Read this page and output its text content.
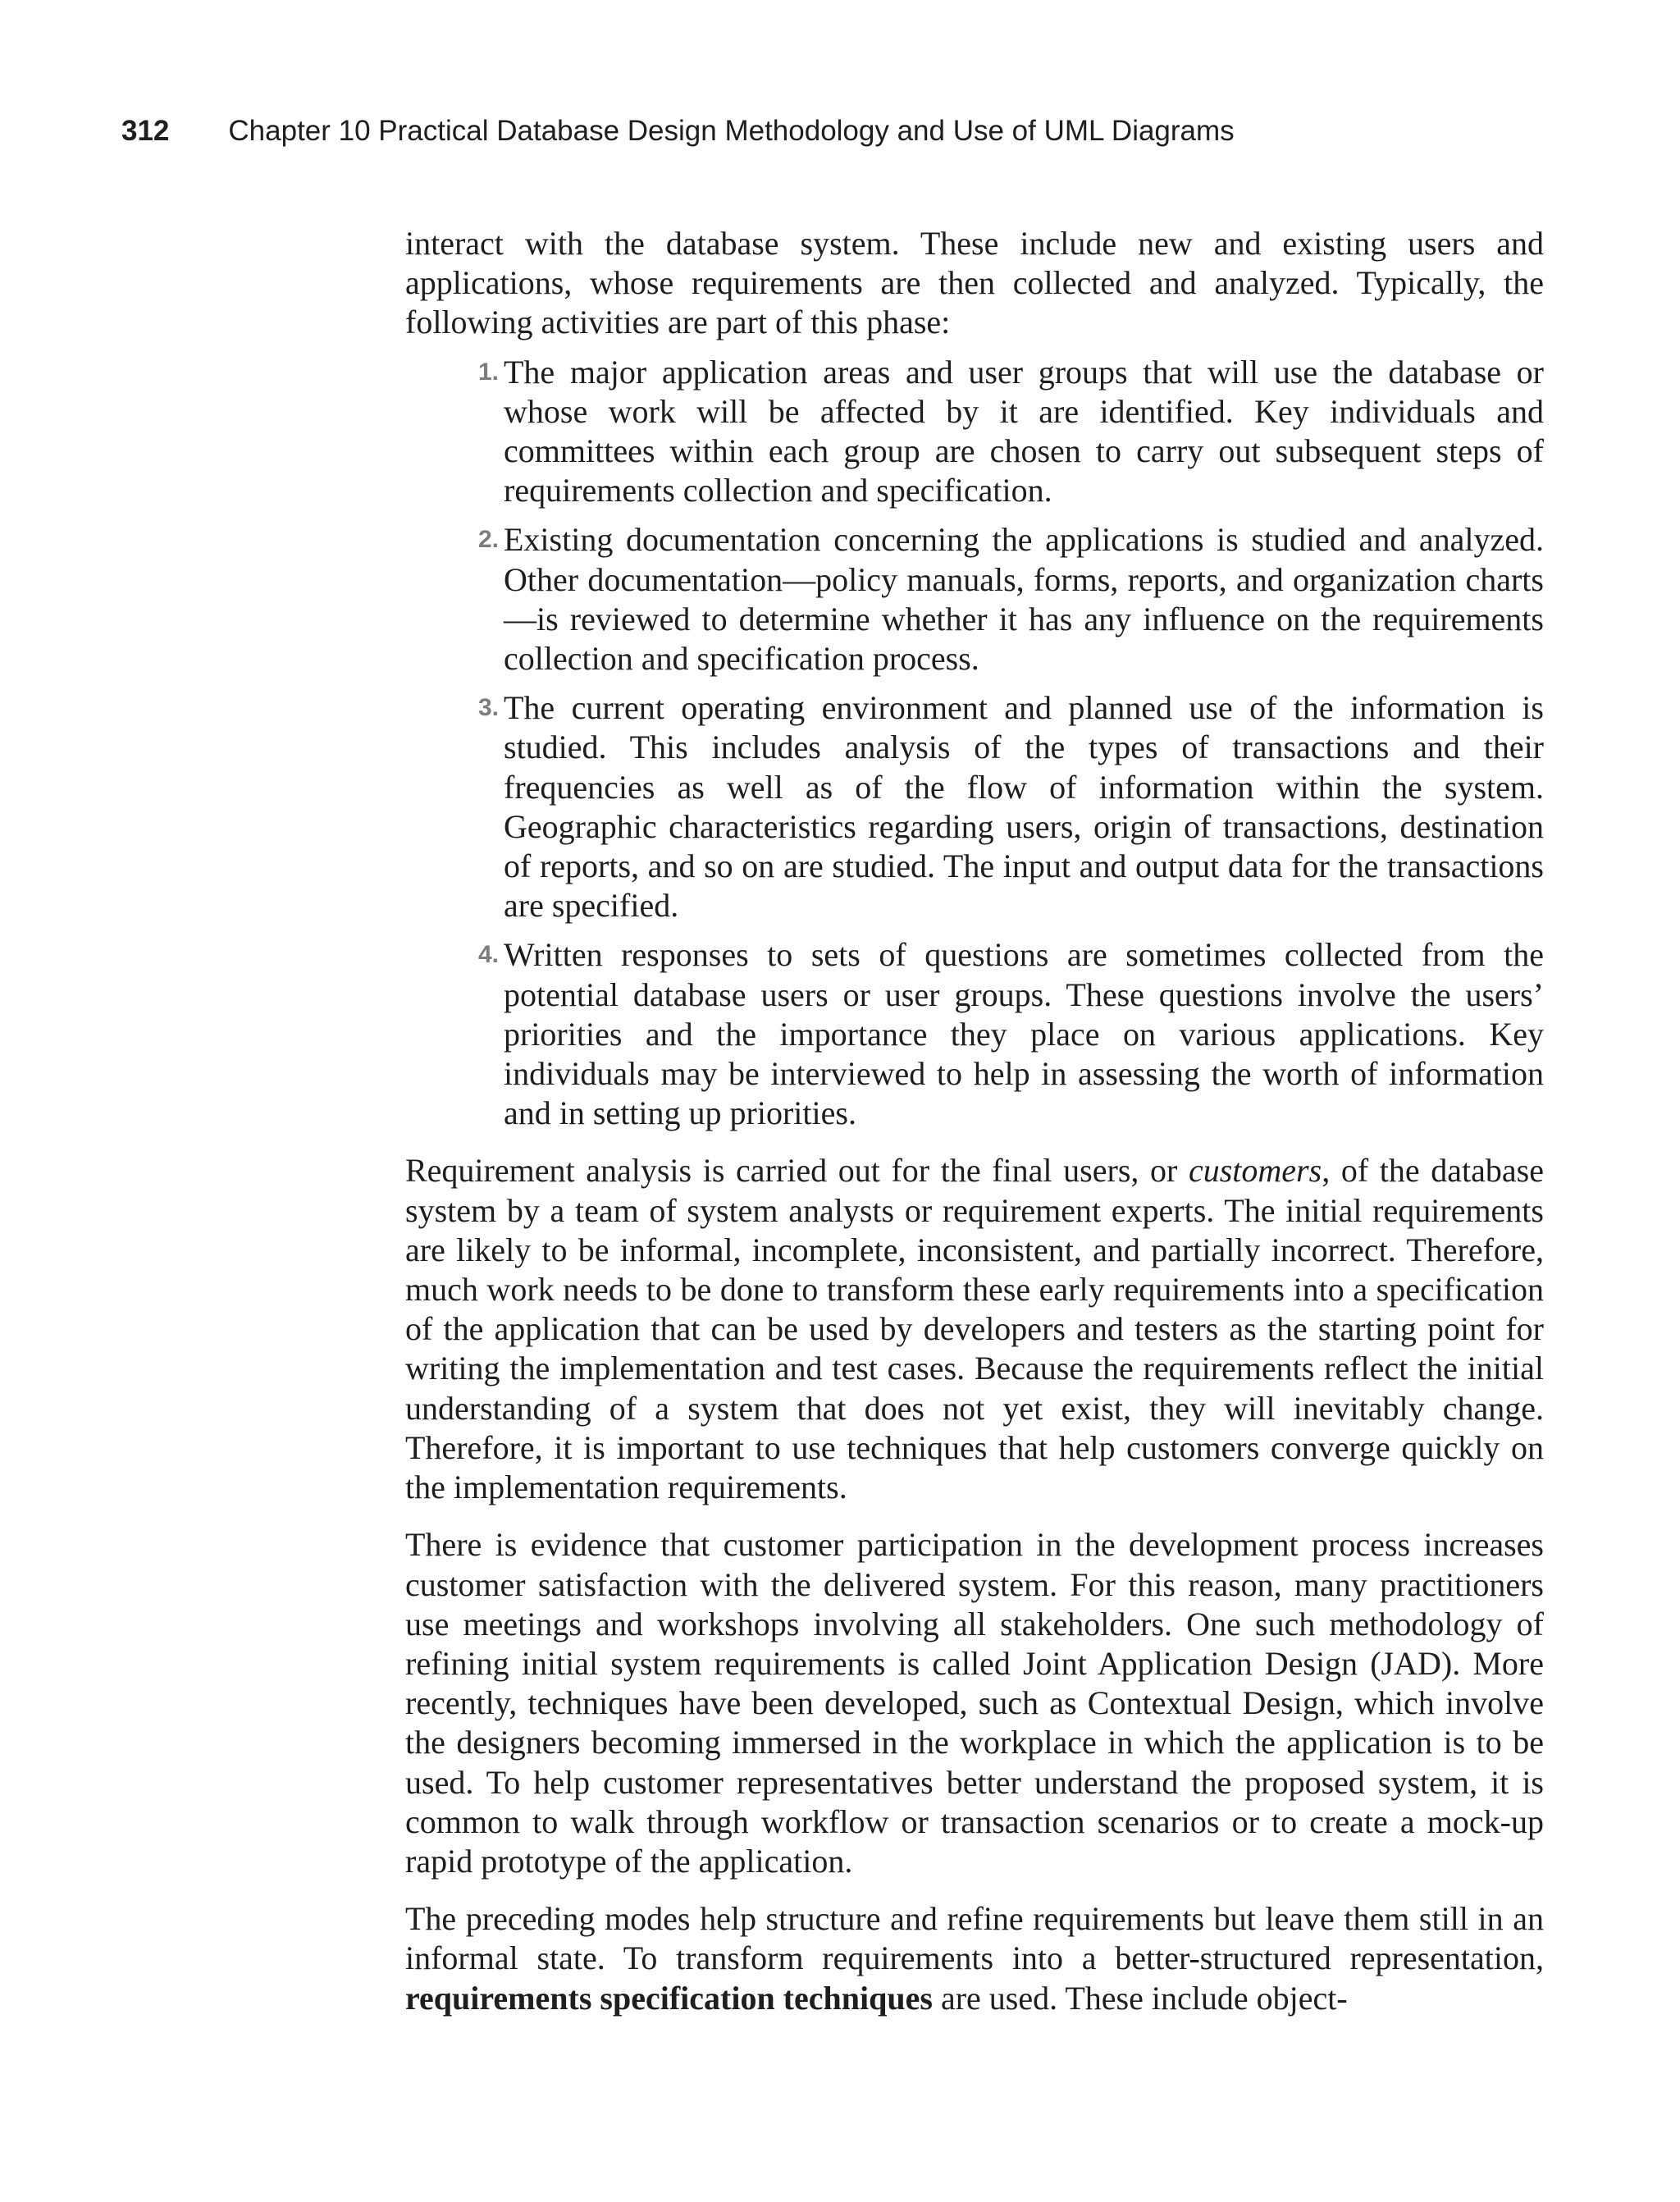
312 Chapter 10 Practical Database Design Methodology and Use of UML Diagrams

interact with the database system. These include new and existing users and applications, whose requirements are then collected and analyzed. Typically, the following activities are part of this phase:

1. The major application areas and user groups that will use the database or whose work will be affected by it are identified. Key individuals and committees within each group are chosen to carry out subsequent steps of requirements collection and specification.
2. Existing documentation concerning the applications is studied and analyzed. Other documentation—policy manuals, forms, reports, and organization charts—is reviewed to determine whether it has any influence on the requirements collection and specification process.
3. The current operating environment and planned use of the information is studied. This includes analysis of the types of transactions and their frequencies as well as of the flow of information within the system. Geographic characteristics regarding users, origin of transactions, destination of reports, and so on are studied. The input and output data for the transactions are specified.
4. Written responses to sets of questions are sometimes collected from the potential database users or user groups. These questions involve the users’ priorities and the importance they place on various applications. Key individuals may be interviewed to help in assessing the worth of information and in setting up priorities.

Requirement analysis is carried out for the final users, or customers, of the database system by a team of system analysts or requirement experts. The initial requirements are likely to be informal, incomplete, inconsistent, and partially incorrect. Therefore, much work needs to be done to transform these early requirements into a specification of the application that can be used by developers and testers as the starting point for writing the implementation and test cases. Because the requirements reflect the initial understanding of a system that does not yet exist, they will inevitably change. Therefore, it is important to use techniques that help customers converge quickly on the implementation requirements.

There is evidence that customer participation in the development process increases customer satisfaction with the delivered system. For this reason, many practitioners use meetings and workshops involving all stakeholders. One such methodology of refining initial system requirements is called Joint Application Design (JAD). More recently, techniques have been developed, such as Contextual Design, which involve the designers becoming immersed in the workplace in which the application is to be used. To help customer representatives better understand the proposed system, it is common to walk through workflow or transaction scenarios or to create a mock-up rapid prototype of the application.

The preceding modes help structure and refine requirements but leave them still in an informal state. To transform requirements into a better-structured representation, requirements specification techniques are used. These include object-
